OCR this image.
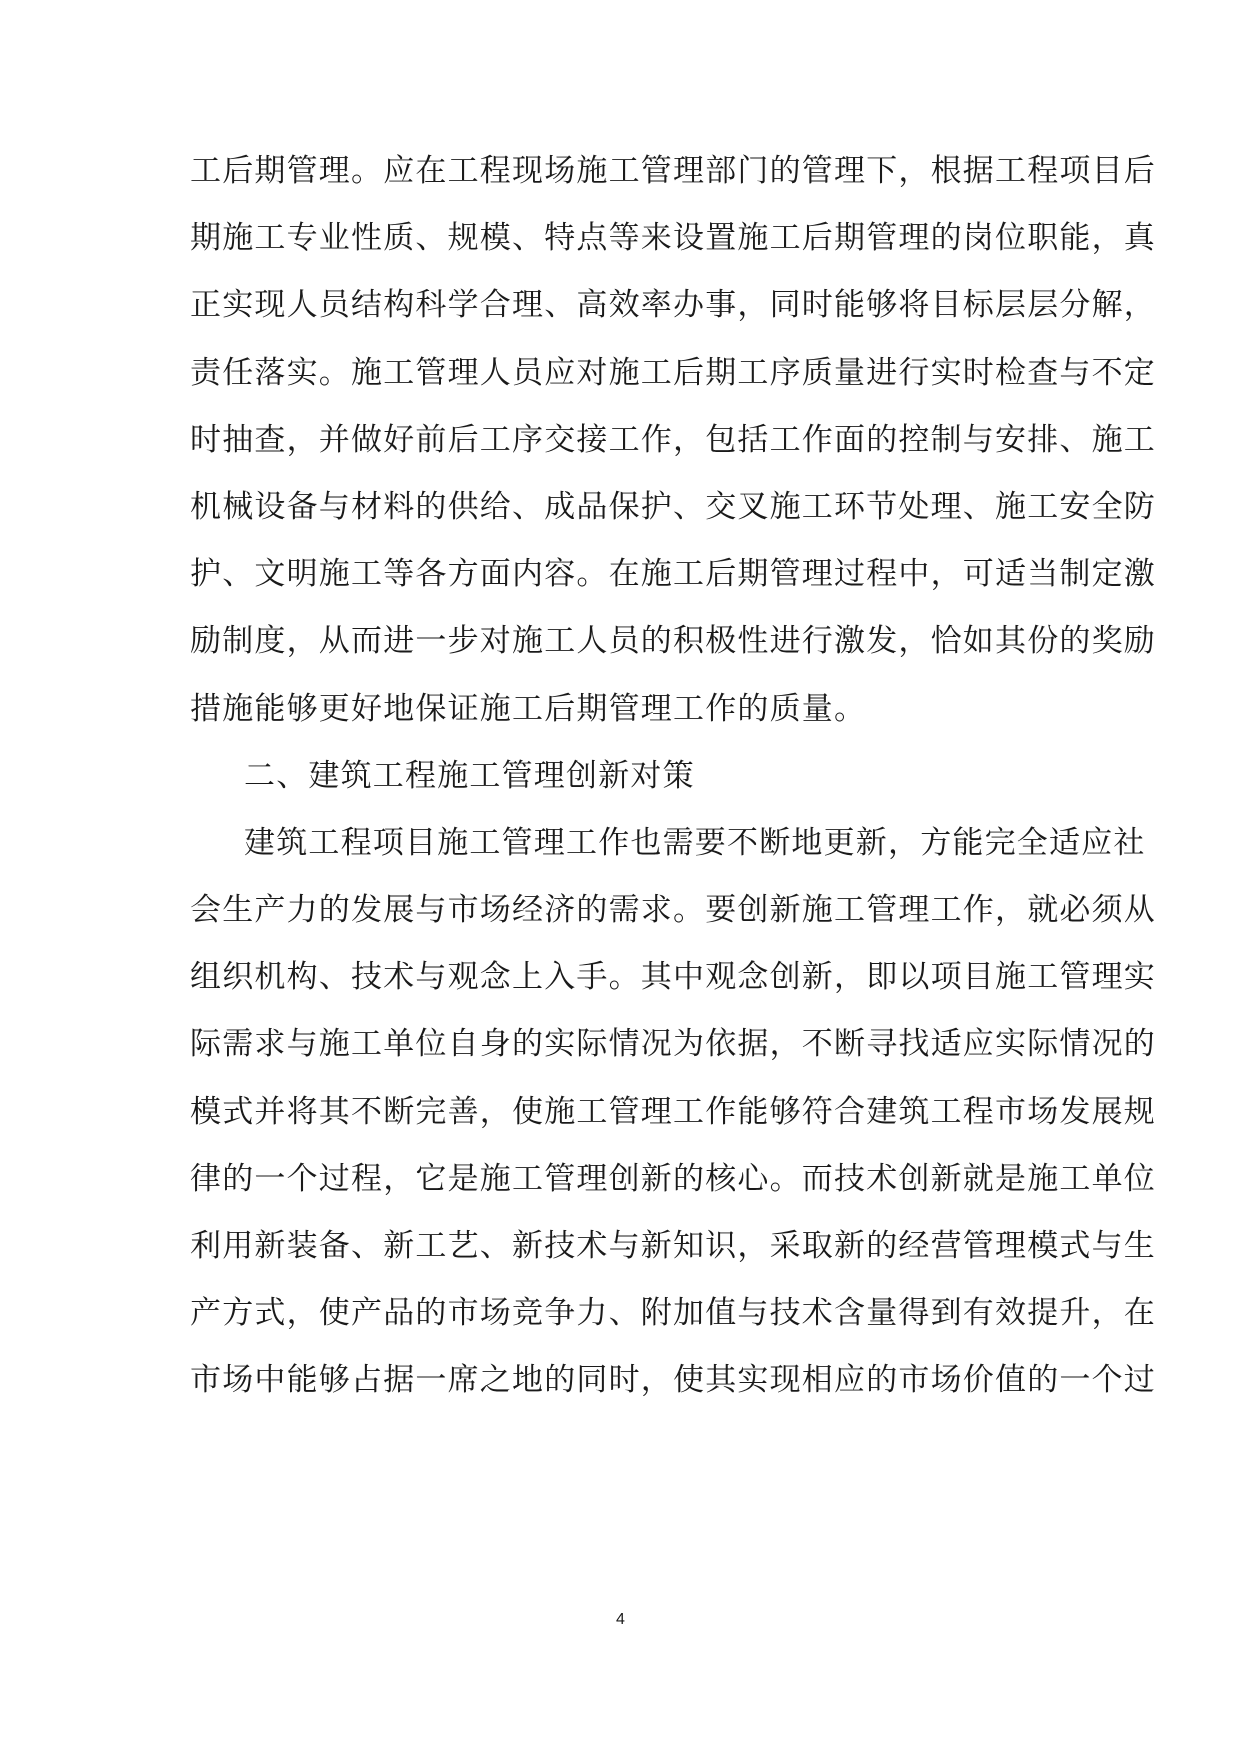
工后期管理。应在工程现场施工管理部门的管理下，根据工程项目后
期施工专业性质、规模、特点等来设置施工后期管理的岗位职能，真
正实现人员结构科学合理、高效率办事，同时能够将目标层层分解，
责任落实。施工管理人员应对施工后期工序质量进行实时检查与不定
时抽查，并做好前后工序交接工作，包括工作面的控制与安排、施工
机械设备与材料的供给、成品保护、交叉施工环节处理、施工安全防
护、文明施工等各方面内容。在施工后期管理过程中，可适当制定激
励制度，从而进一步对施工人员的积极性进行激发，恰如其份的奖励
措施能够更好地保证施工后期管理工作的质量。
二、建筑工程施工管理创新对策
建筑工程项目施工管理工作也需要不断地更新，方能完全适应社
会生产力的发展与市场经济的需求。要创新施工管理工作，就必须从
组织机构、技术与观念上入手。其中观念创新，即以项目施工管理实
际需求与施工单位自身的实际情况为依据，不断寻找适应实际情况的
模式并将其不断完善，使施工管理工作能够符合建筑工程市场发展规
律的一个过程，它是施工管理创新的核心。而技术创新就是施工单位
利用新装备、新工艺、新技术与新知识，采取新的经营管理模式与生
产方式，使产品的市场竞争力、附加值与技术含量得到有效提升，在
市场中能够占据一席之地的同时，使其实现相应的市场价值的一个过
4
